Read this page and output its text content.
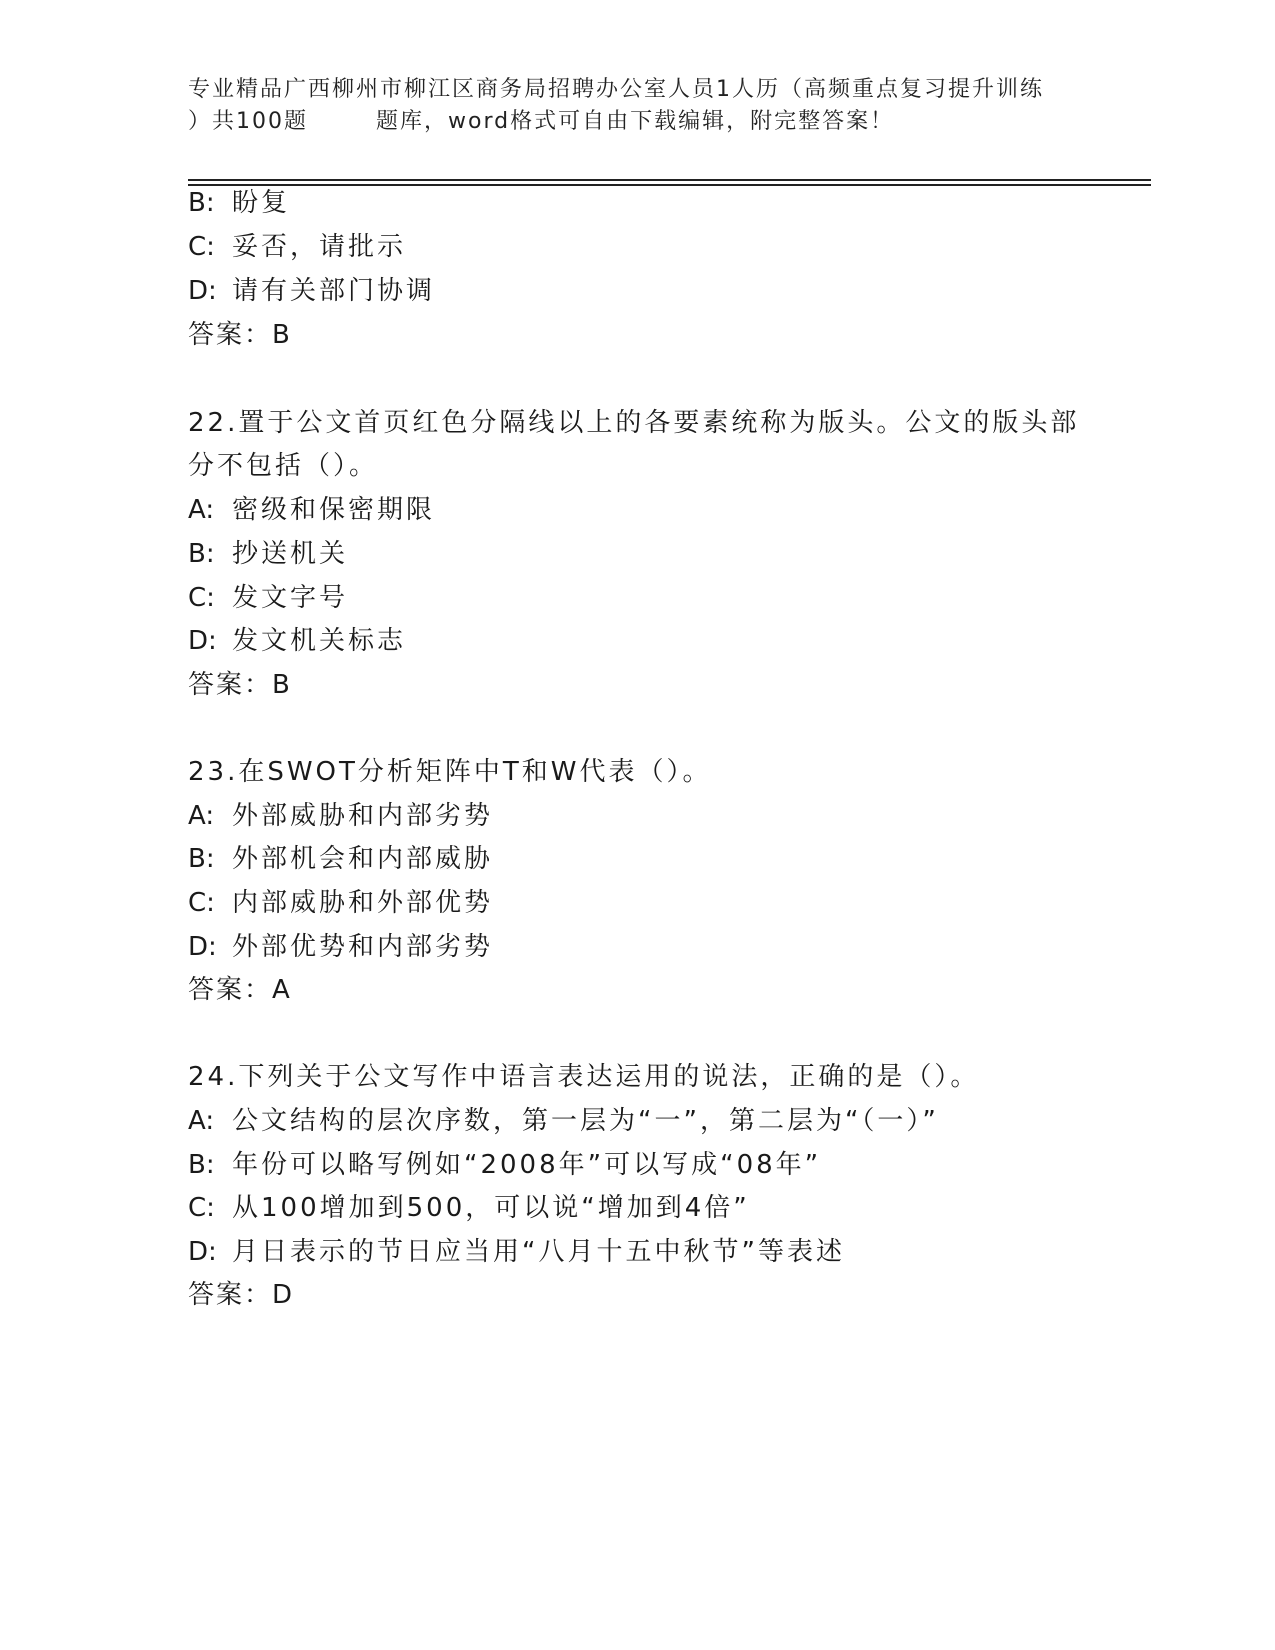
专业精品广西柳州市柳江区商务局招聘办公室人员1人历（高频重点复习提升训练
）共100题	题库，word格式可自由下载编辑，附完整答案！
B: 盼复
C: 妥否，请批示
D: 请有关部门协调
答案：B
22.置于公文首页红色分隔线以上的各要素统称为版头。公文的版头部
分不包括（）。
A: 密级和保密期限
B: 抄送机关
C: 发文字号
D: 发文机关标志
答案：B
23.在SWOT分析矩阵中T和W代表（）。
A: 外部威胁和内部劣势
B: 外部机会和内部威胁
C: 内部威胁和外部优势
D: 外部优势和内部劣势
答案：A
24.下列关于公文写作中语言表达运用的说法，正确的是（）。
A: 公文结构的层次序数，第一层为“一”，第二层为“（一）”
B: 年份可以略写例如“2008年”可以写成“08年”
C: 从100增加到500，可以说“增加到4倍”
D: 月日表示的节日应当用“八月十五中秋节”等表述
答案：D
